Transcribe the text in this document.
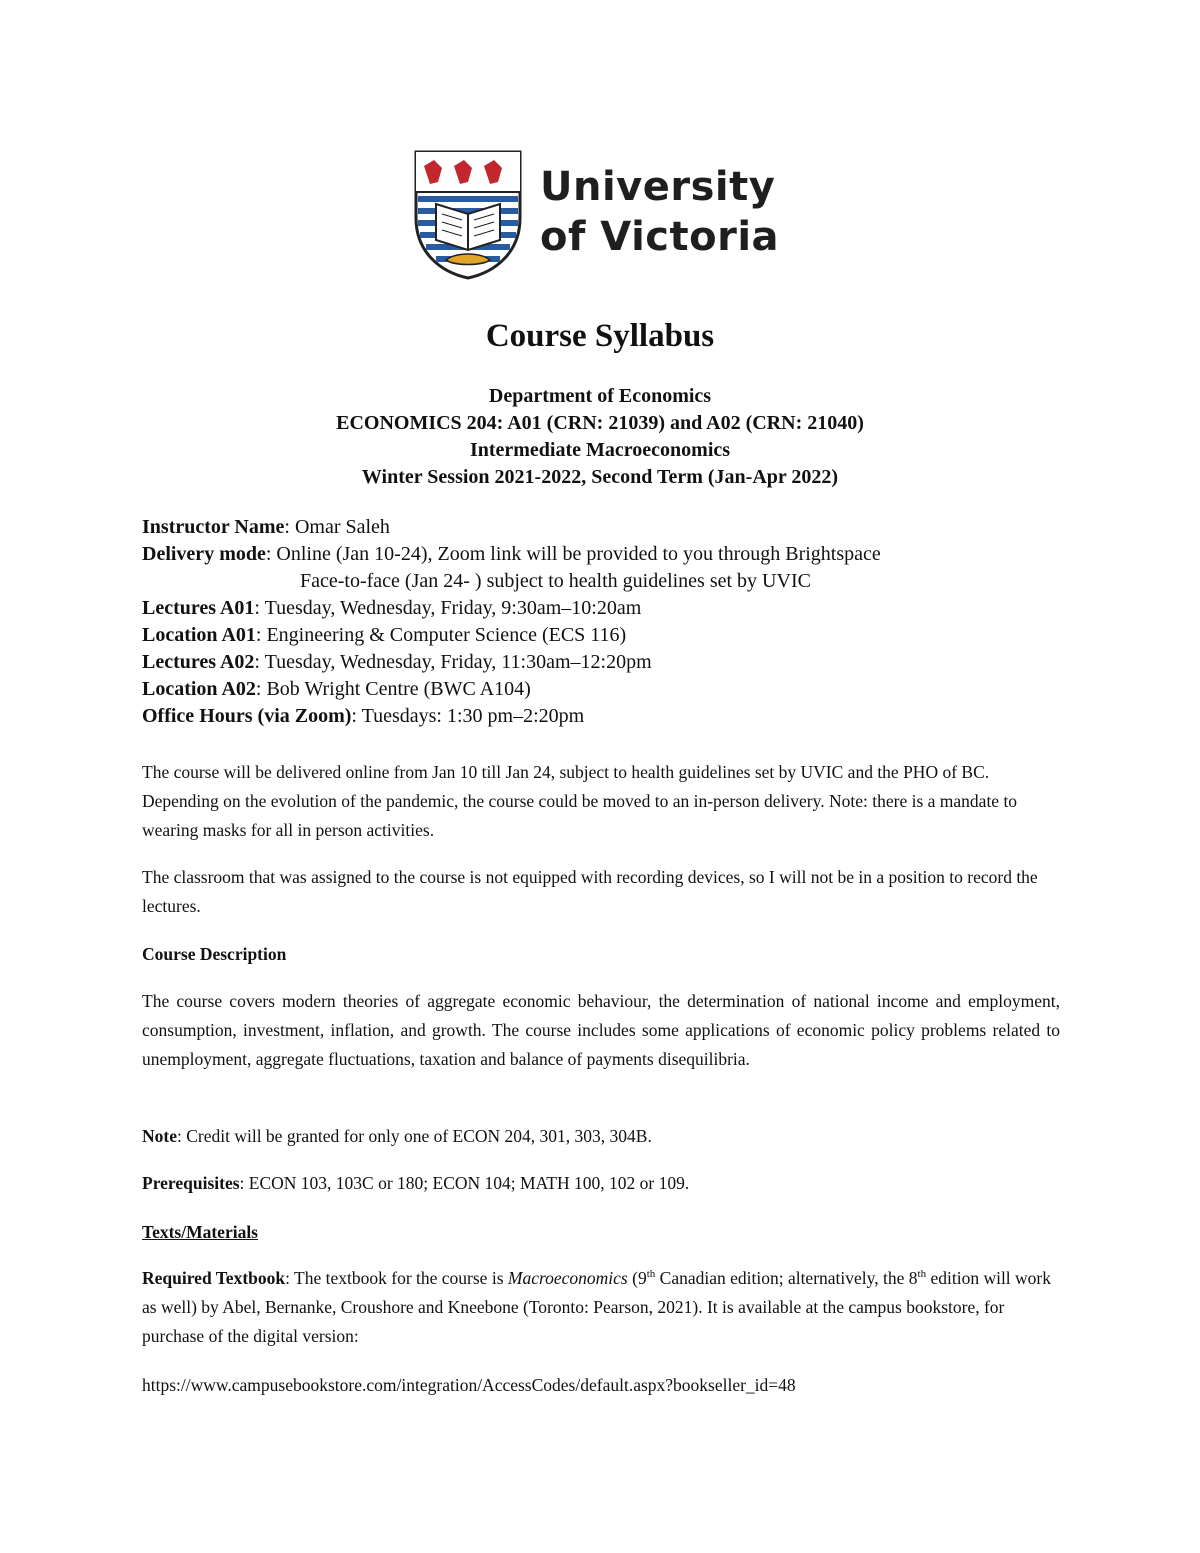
University
of Victoria
Course Syllabus
Department of Economics
ECONOMICS 204: A01 (CRN: 21039) and A02 (CRN: 21040)
Intermediate Macroeconomics
Winter Session 2021-2022, Second Term (Jan-Apr 2022)
Instructor Name: Omar Saleh
Delivery mode: Online (Jan 10-24), Zoom link will be provided to you through Brightspace
Face-to-face (Jan 24- ) subject to health guidelines set by UVIC
Lectures A01: Tuesday, Wednesday, Friday, 9:30am–10:20am
Location A01: Engineering & Computer Science (ECS 116)
Lectures A02: Tuesday, Wednesday, Friday, 11:30am–12:20pm
Location A02: Bob Wright Centre (BWC A104)
Office Hours (via Zoom): Tuesdays: 1:30 pm–2:20pm

The course will be delivered online from Jan 10 till Jan 24, subject to health guidelines set by UVIC and the PHO of BC. Depending on the evolution of the pandemic, the course could be moved to an in-person delivery. Note: there is a mandate to wearing masks for all in person activities.

The classroom that was assigned to the course is not equipped with recording devices, so I will not be in a position to record the lectures.

Course Description

The course covers modern theories of aggregate economic behaviour, the determination of national income and employment, consumption, investment, inflation, and growth. The course includes some applications of economic policy problems related to unemployment, aggregate fluctuations, taxation and balance of payments disequilibria.

Note: Credit will be granted for only one of ECON 204, 301, 303, 304B.

Prerequisites: ECON 103, 103C or 180; ECON 104; MATH 100, 102 or 109.

Texts/Materials

Required Textbook: The textbook for the course is Macroeconomics (9th Canadian edition; alternatively, the 8th edition will work as well) by Abel, Bernanke, Croushore and Kneebone (Toronto: Pearson, 2021). It is available at the campus bookstore, for purchase of the digital version:

https://www.campusebookstore.com/integration/AccessCodes/default.aspx?bookseller_id=48
